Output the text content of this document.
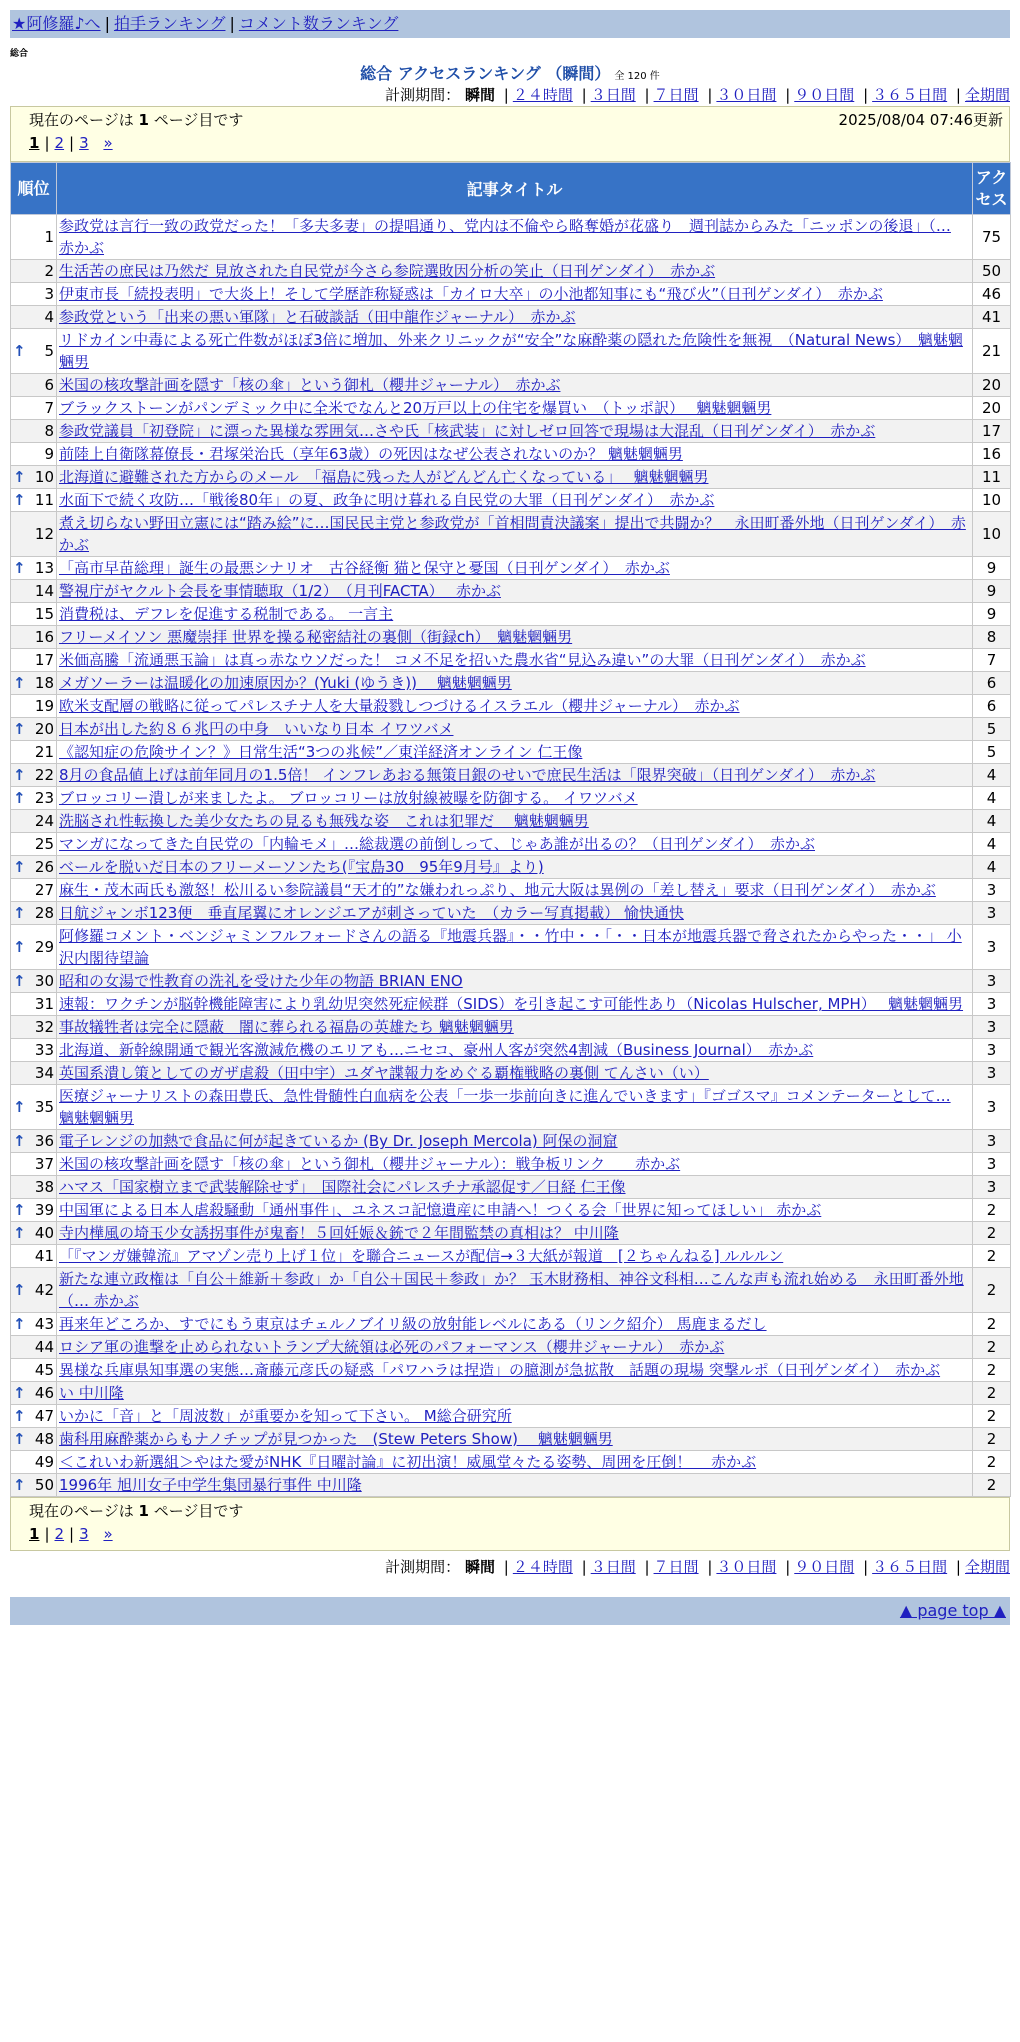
★阿修羅♪へ | 拍手ランキング | コメント数ランキング
総合
総合 アクセスランキング （瞬間） 全 120 件
計測期間： 瞬間 | ２４時間 | ３日間 | ７日間 | ３０日間 | ９０日間 | ３６５日間 | 全期間
現在のページは 1 ページ目です	2025/08/04 07:46更新
1 | 2 | 3 »
順位	記事タイトル	アクセス
1	参政党は言行一致の政党だった！「多夫多妻」の提唱通り、党内は不倫やら略奪婚が花盛り　週刊誌からみた「ニッポンの後退」（… 赤かぶ	75
2	生活苦の庶民は乃然だ 見放された自民党が今さら参院選敗因分析の笑止（日刊ゲンダイ）　赤かぶ	50
3	伊東市長「続投表明」で大炎上！そして学歴詐称疑惑は「カイロ大卒」の小池都知事にも“飛び火”（日刊ゲンダイ）　赤かぶ	46
4	参政党という「出来の悪い軍隊」と石破談話（田中龍作ジャーナル）　赤かぶ	41

↑ 5	リドカイン中毒による死亡件数がほぼ3倍に増加、外来クリニックが“安全”な麻酔薬の隠れた危険性を無視　（Natural News）　魑魅魍魎男	21
6	米国の核攻撃計画を隠す「核の傘」という御札（櫻井ジャーナル）　赤かぶ	20
7	ブラックストーンがパンデミック中に全米でなんと20万戸以上の住宅を爆買い　（トッポ訳）　 魑魅魍魎男	20
8	参政党議員「初登院」に漂った異様な雰囲気…さや氏「核武装」に対しゼロ回答で現場は大混乱（日刊ゲンダイ）　赤かぶ	17
9	前陸上自衛隊幕僚長・君塚栄治氏（享年63歳）の死因はなぜ公表されないのか？ 魑魅魍魎男	16

↑ 10	北海道に避難された方からのメール　「福島に残った人がどんどん亡くなっている」　 魑魅魍魎男	11

↑ 11	水面下で続く攻防…「戦後80年」の夏、政争に明け暮れる自民党の大罪（日刊ゲンダイ）　赤かぶ	10
12	煮え切らない野田立憲には“踏み絵”に…国民民主党と参政党が「首相問責決議案」提出で共闘か？　永田町番外地（日刊ゲンダイ）　赤かぶ	10

↑ 13	「高市早苗総理」誕生の最悪シナリオ　古谷経衡 猫と保守と憂国（日刊ゲンダイ）　赤かぶ	9
14	警視庁がヤクルト会長を事情聴取（1/2）　（月刊FACTA）　 赤かぶ	9
15	消費税は、デフレを促進する税制である。 一言主	9
16	フリーメイソン 悪魔崇拝 世界を操る秘密結社の裏側（街録ch）　魑魅魍魎男	8
17	米価高騰「流通悪玉論」は真っ赤なウソだった！ コメ不足を招いた農水省“見込み違い”の大罪（日刊ゲンダイ）　赤かぶ	7

↑ 18	メガソーラーは温暖化の加速原因か？(Yuki (ゆうき))　 魑魅魍魎男	6
19	欧米支配層の戦略に従ってパレスチナ人を大量殺戮しつづけるイスラエル（櫻井ジャーナル）　赤かぶ	6

↑ 20	日本が出した約８６兆円の中身　いいなり日本 イワツバメ	5
21	《認知症の危険サイン？》日常生活“3つの兆候”／東洋経済オンライン 仁王像	5

↑ 22	8月の食品値上げは前年同月の1.5倍！ インフレあおる無策日銀のせいで庶民生活は「限界突破」（日刊ゲンダイ）　赤かぶ	4

↑ 23	ブロッコリー潰しが来ましたよ。 ブロッコリーは放射線被曝を防御する。 イワツバメ	4
24	洗脳され性転換した美少女たちの見るも無残な姿　これは犯罪だ　 魑魅魍魎男	4
25	マンガになってきた自民党の「内輪モメ」…総裁選の前倒しって、じゃあ誰が出るの？（日刊ゲンダイ）　赤かぶ	4

↑ 26	ベールを脱いだ日本のフリーメーソンたち(『宝島30　95年9月号』より)	4
27	麻生・茂木両氏も激怒！松川るい参院議員“天才的”な嫌われっぷり、地元大阪は異例の「差し替え」要求（日刊ゲンダイ）　赤かぶ	3

↑ 28	日航ジャンボ123便　垂直尾翼にオレンジエアが刺さっていた　（カラー写真掲載） 愉快通快	3

↑ 29	阿修羅コメント・ベンジャミンフルフォードさんの語る『地震兵器』・・竹中・・「・・日本が地震兵器で脅されたからやった・・」 小沢内閣待望論	3

↑ 30	昭和の女湯で性教育の洗礼を受けた少年の物語 BRIAN ENO	3
31	速報：ワクチンが脳幹機能障害により乳幼児突然死症候群（SIDS）を引き起こす可能性あり（Nicolas Hulscher, MPH）　 魑魅魍魎男	3
32	事故犠牲者は完全に隠蔽　闇に葬られる福島の英雄たち 魑魅魍魎男	3
33	北海道、新幹線開通で観光客激減危機のエリアも…ニセコ、豪州人客が突然4割減（Business Journal）　赤かぶ	3
34	英国系潰し策としてのガザ虐殺（田中宇）ユダヤ諜報力をめぐる覇権戦略の裏側 てんさい（い）	3

↑ 35	医療ジャーナリストの森田豊氏、急性骨髄性白血病を公表「一歩一歩前向きに進んでいきます」『ゴゴスマ』コメンテーターとして… 魑魅魍魎男	3

↑ 36	電子レンジの加熱で食品に何が起きているか (By Dr. Joseph Mercola) 阿保の洞窟	3
37	米国の核攻撃計画を隠す「核の傘」という御札（櫻井ジャーナル）：戦争板リンク　　赤かぶ	3
38	ハマス「国家樹立まで武装解除せず」　国際社会にパレスチナ承認促す／日経 仁王像	3

↑ 39	中国軍による日本人虐殺騒動「通州事件」、ユネスコ記憶遺産に申請へ！つくる会「世界に知ってほしい」 赤かぶ	2

↑ 40	寺内樺風の埼玉少女誘拐事件が鬼畜！５回妊娠＆銃で２年間監禁の真相は？ 中川隆	2
41	「『マンガ嫌韓流』アマゾン売り上げ１位」を聯合ニュースが配信→３大紙が報道　[２ちゃんねる] ルルルン	2

↑ 42	新たな連立政権は「自公＋維新＋参政」か「自公＋国民＋参政」か？ 玉木財務相、神谷文科相…こんな声も流れ始める　永田町番外地（… 赤かぶ	2

↑ 43	再来年どころか、すでにもう東京はチェルノブイリ級の放射能レベルにある（リンク紹介） 馬鹿まるだし	2
44	ロシア軍の進撃を止められないトランプ大統領は必死のパフォーマンス（櫻井ジャーナル）　赤かぶ	2
45	異様な兵庫県知事選の実態…斎藤元彦氏の疑惑「パワハラは捏造」の臆測が急拡散　話題の現場 突撃ルポ（日刊ゲンダイ）　赤かぶ	2

↑ 46	い 中川隆	2

↑ 47	いかに「音」と「周波数」が重要かを知って下さい。 M総合研究所	2

↑ 48	歯科用麻酔薬からもナノチップが見つかった　(Stew Peters Show)　 魑魅魍魎男	2
49	＜これいわ新選組＞やはた愛がNHK『日曜討論』に初出演！威風堂々たる姿勢、周囲を圧倒！　 赤かぶ	2

↑ 50	1996年 旭川女子中学生集団暴行事件 中川隆	2
現在のページは 1 ページ目です
1 | 2 | 3 »
計測期間： 瞬間 | ２４時間 | ３日間 | ７日間 | ３０日間 | ９０日間 | ３６５日間 | 全期間
▲ page top ▲
